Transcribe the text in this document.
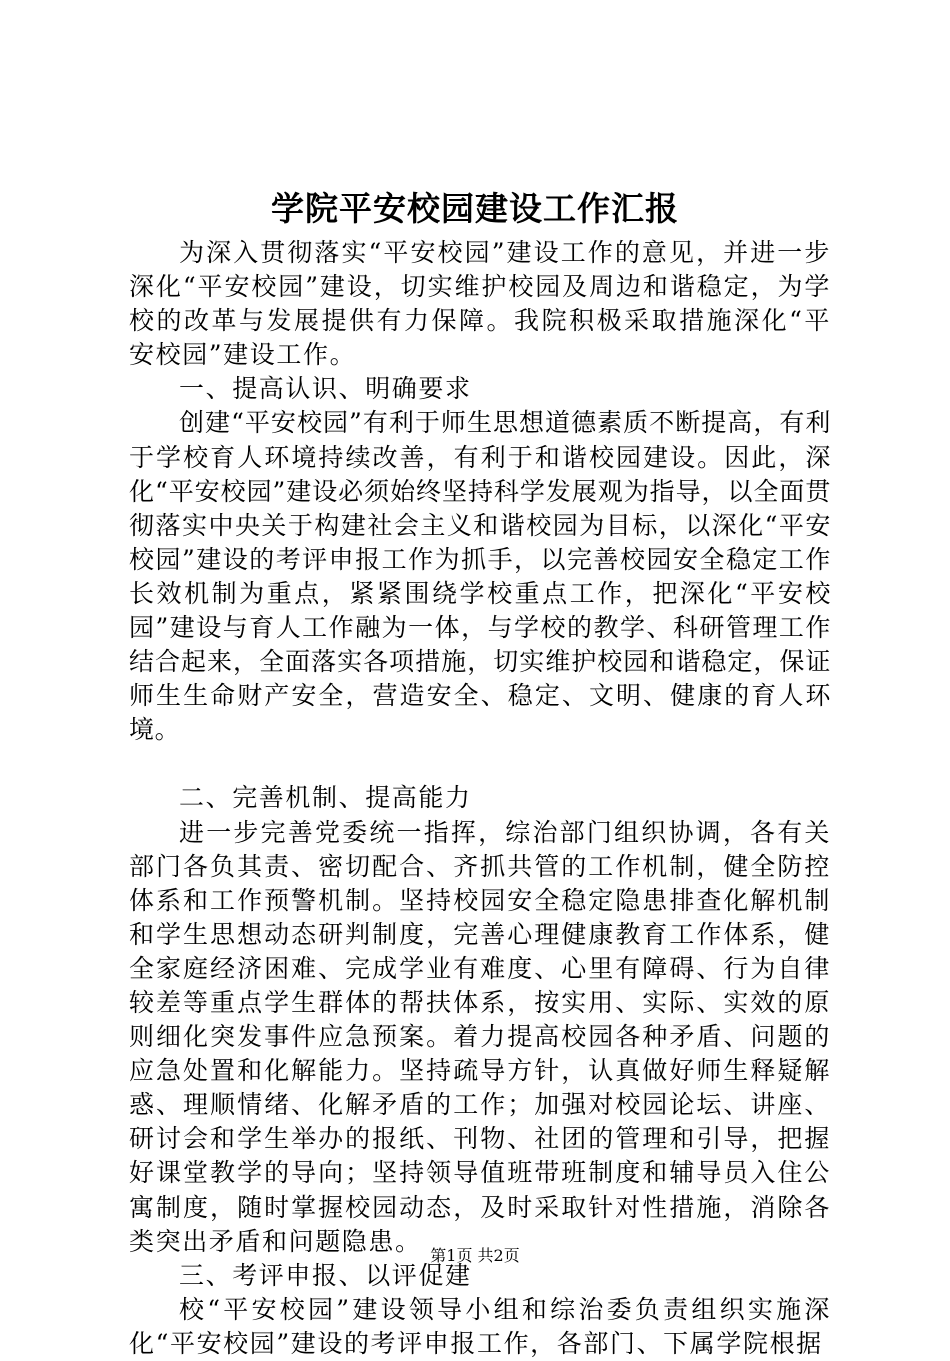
学院平安校园建设工作汇报

为深入贯彻落实“平安校园”建设工作的意见，并进一步深化“平安校园”建设，切实维护校园及周边和谐稳定，为学校的改革与发展提供有力保障。我院积极采取措施深化“平安校园”建设工作。

一、提高认识、明确要求

创建“平安校园”有利于师生思想道德素质不断提高，有利于学校育人环境持续改善，有利于和谐校园建设。因此，深化“平安校园”建设必须始终坚持科学发展观为指导，以全面贯彻落实中央关于构建社会主义和谐校园为目标，以深化“平安校园”建设的考评申报工作为抓手，以完善校园安全稳定工作长效机制为重点，紧紧围绕学校重点工作，把深化“平安校园”建设与育人工作融为一体，与学校的教学、科研管理工作结合起来，全面落实各项措施，切实维护校园和谐稳定，保证师生生命财产安全，营造安全、稳定、文明、健康的育人环境。

二、完善机制、提高能力

进一步完善党委统一指挥，综治部门组织协调，各有关部门各负其责、密切配合、齐抓共管的工作机制，健全防控体系和工作预警机制。坚持校园安全稳定隐患排查化解机制和学生思想动态研判制度，完善心理健康教育工作体系，健全家庭经济困难、完成学业有难度、心里有障碍、行为自律较差等重点学生群体的帮扶体系，按实用、实际、实效的原则细化突发事件应急预案。着力提高校园各种矛盾、问题的应急处置和化解能力。坚持疏导方针，认真做好师生释疑解惑、理顺情绪、化解矛盾的工作；加强对校园论坛、讲座、研讨会和学生举办的报纸、刊物、社团的管理和引导，把握好课堂教学的导向；坚持领导值班带班制度和辅导员入住公寓制度，随时掌握校园动态，及时采取针对性措施，消除各类突出矛盾和问题隐患。

三、考评申报、以评促建

校“平安校园”建设领导小组和综治委负责组织实施深化“平安校园”建设的考评申报工作，各部门、下属学院根据

第1页 共2页
